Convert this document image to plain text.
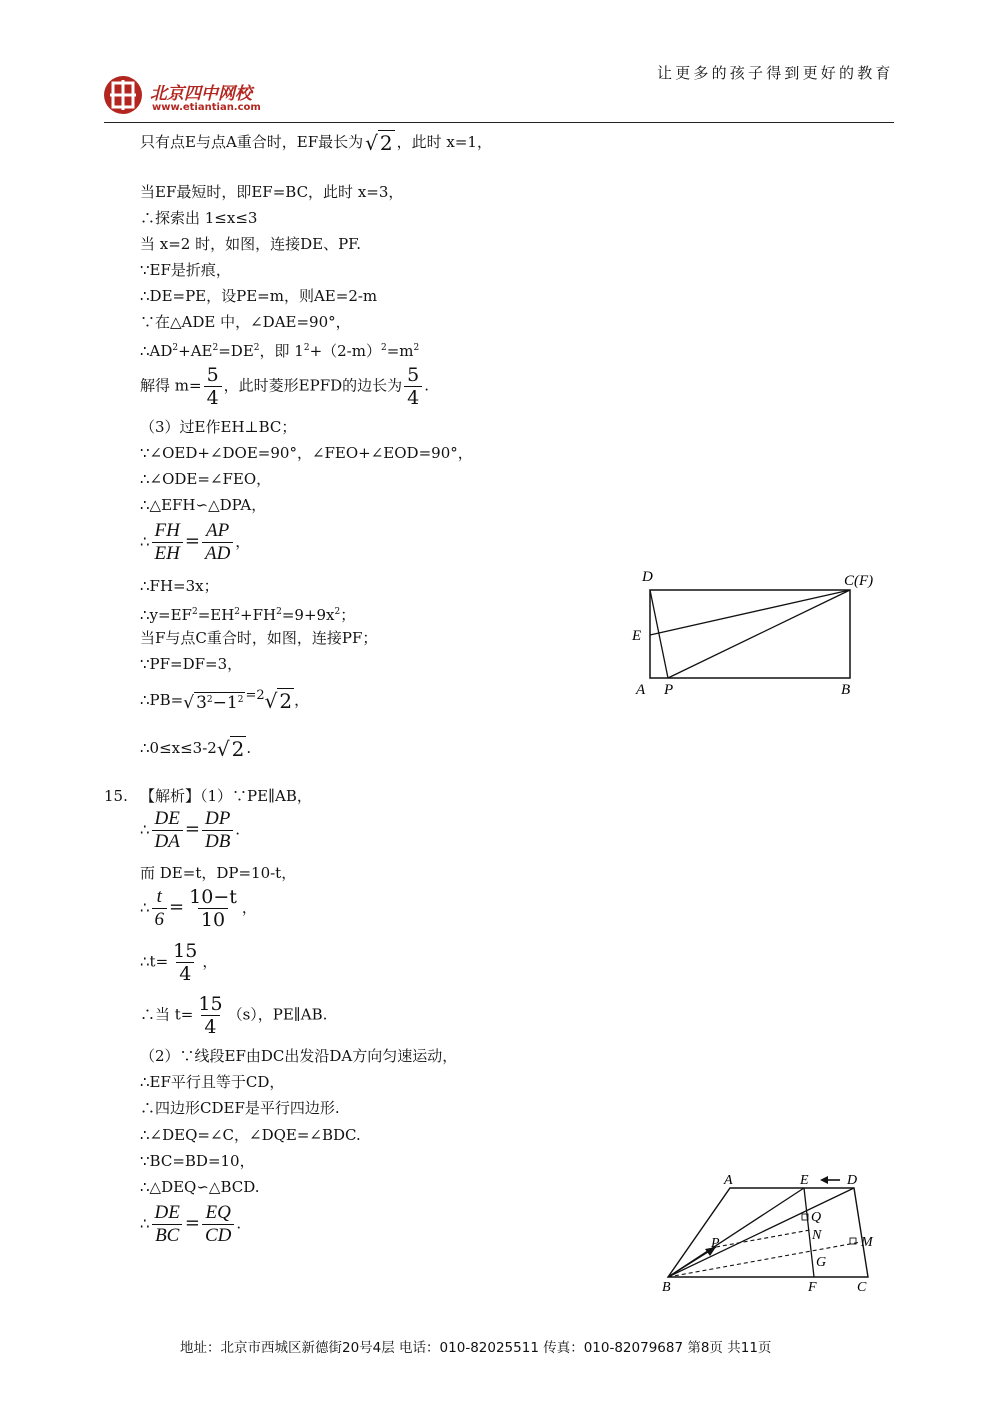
北京四中网校
www.etiantian.com
让更多的孩子得到更好的教育
只有点E与点A重合时，EF最长为 √ 2 ，此时 x=1，
当EF最短时，即EF=BC，此时 x=3，
∴探索出 1≤x≤3
当 x=2 时，如图，连接DE、PF.
∵EF是折痕，
∴DE=PE，设PE=m，则AE=2-m
∵在△ADE 中，∠DAE=90°，
$\therefore AD^2+AE^2=DE^2$，即 $1^2+(2-m)^2=m^2$
解得 $m= \frac{5}{4}$ ，此时菱形EPFD的边长为 $\frac{5}{4}$ .
（3）过E作EH⊥BC；
∵∠OED+∠DOE=90°，∠FEO+∠EOD=90°，
∴∠ODE=∠FEO，
∴△EFH∽△DPA，
∴ $\frac{FH}{EH} = \frac{AP}{AD}$ ，
∴FH=3x；
$\therefore y=EF^2=EH^2+FH^2=9+9x^2$；
当F与点C重合时，如图，连接PF；
∵PF=DF=3，
∴PB=√ $3^2-1^2 =2√$ 2 ，
∴0≤x≤3-2√ 2 .
15. 【解析】（1）∵PE∥AB，
∴ $\frac{DE}{DA} = \frac{DP}{DB}$ .
而 DE=t，DP=10-t，
∴ $\frac{t}{6} = \frac{10-t}{10}$ ，
∴t= $\frac{15}{4}$ ，
∴当 $t= \frac{15}{4} (s)$，PE∥AB.
（2）∵线段EF由DC出发沿DA方向匀速运动，
∴EF平行且等于CD，
∴四边形CDEF是平行四边形.
∴∠DEQ=∠C，∠DQE=∠BDC.
∵BC=BD=10，
∴△DEQ∽△BCD.
∴ $\frac{DE}{BC} = \frac{EQ}{CD}$ .
D	C(F)
E
A P	B
A	E	D
Q
N	M
P
G
B	F	C
地址：北京市西城区新德街20号4层 电话：010-82025511 传真：010-82079687 第8页 共11页
